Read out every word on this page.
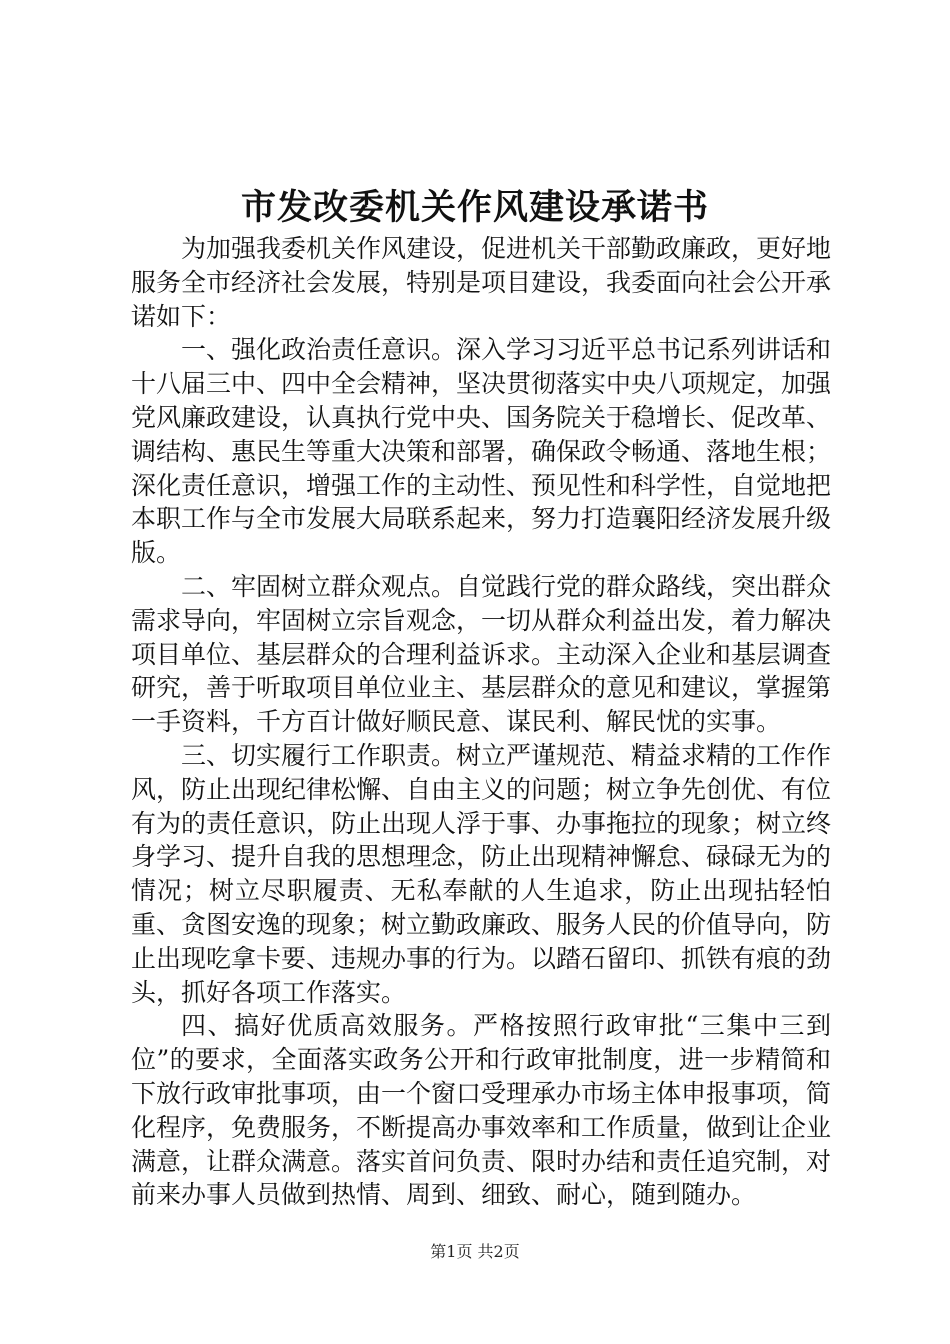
市发改委机关作风建设承诺书

为加强我委机关作风建设，促进机关干部勤政廉政，更好地服务全市经济社会发展，特别是项目建设，我委面向社会公开承诺如下：

一、强化政治责任意识。深入学习习近平总书记系列讲话和十八届三中、四中全会精神，坚决贯彻落实中央八项规定，加强党风廉政建设，认真执行党中央、国务院关于稳增长、促改革、调结构、惠民生等重大决策和部署，确保政令畅通、落地生根；深化责任意识，增强工作的主动性、预见性和科学性，自觉地把本职工作与全市发展大局联系起来，努力打造襄阳经济发展升级版。

二、牢固树立群众观点。自觉践行党的群众路线，突出群众需求导向，牢固树立宗旨观念，一切从群众利益出发，着力解决项目单位、基层群众的合理利益诉求。主动深入企业和基层调查研究，善于听取项目单位业主、基层群众的意见和建议，掌握第一手资料，千方百计做好顺民意、谋民利、解民忧的实事。

三、切实履行工作职责。树立严谨规范、精益求精的工作作风，防止出现纪律松懈、自由主义的问题；树立争先创优、有位有为的责任意识，防止出现人浮于事、办事拖拉的现象；树立终身学习、提升自我的思想理念，防止出现精神懈怠、碌碌无为的情况；树立尽职履责、无私奉献的人生追求，防止出现拈轻怕重、贪图安逸的现象；树立勤政廉政、服务人民的价值导向，防止出现吃拿卡要、违规办事的行为。以踏石留印、抓铁有痕的劲头，抓好各项工作落实。

四、搞好优质高效服务。严格按照行政审批“三集中三到位”的要求，全面落实政务公开和行政审批制度，进一步精简和下放行政审批事项，由一个窗口受理承办市场主体申报事项，简化程序，免费服务，不断提高办事效率和工作质量，做到让企业满意，让群众满意。落实首问负责、限时办结和责任追究制，对前来办事人员做到热情、周到、细致、耐心，随到随办。

第1页 共2页
